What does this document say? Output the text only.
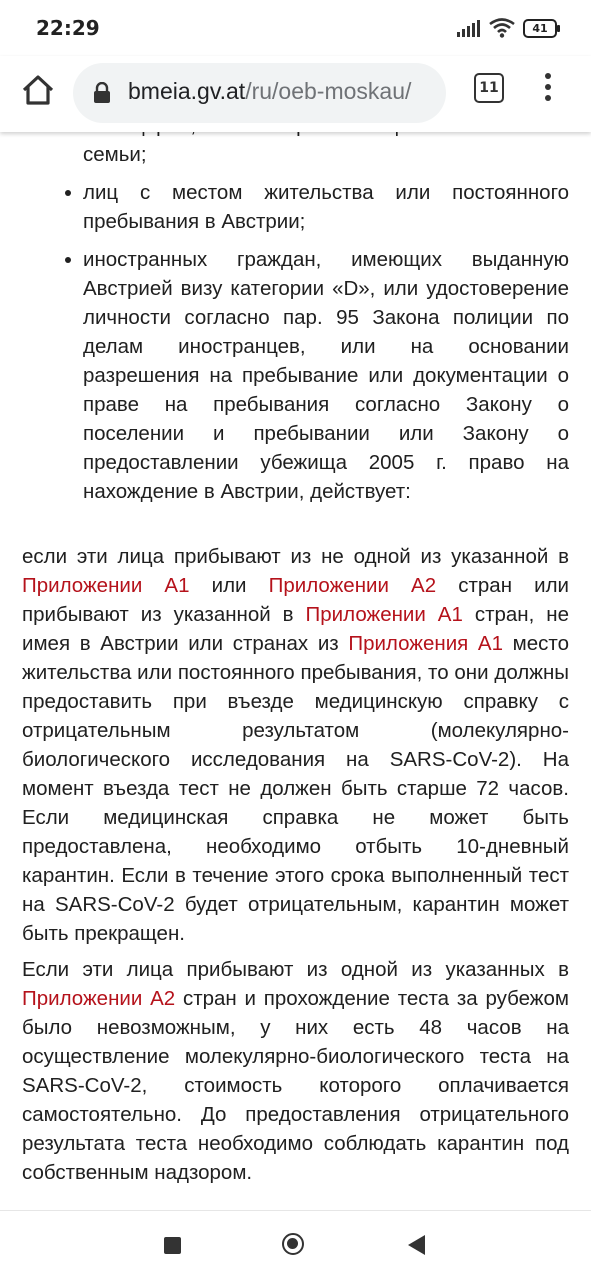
семьи;
лиц с местом жительства или постоянного пребывания в Австрии;
иностранных граждан, имеющих выданную Австрией визу категории «D», или удостоверение личности согласно пар. 95 Закона полиции по делам иностранцев, или на основании разрешения на пребывание или документации о праве на пребывания согласно Закону о поселении и пребывании или Закону о предоставлении убежища 2005 г. право на нахождение в Австрии, действует:

если эти лица прибывают из не одной из указанной в Приложении А1 или Приложении А2 стран или прибывают из указанной в Приложении А1 стран, не имея в Австрии или странах из Приложения А1 место жительства или постоянного пребывания, то они должны предоставить при въезде медицинскую справку с отрицательным результатом (молекулярно-биологического исследования на SARS-CoV-2). На момент въезда тест не должен быть старше 72 часов. Если медицинская справка не может быть предоставлена, необходимо отбыть 10-дневный карантин. Если в течение этого срока выполненный тест на SARS-CoV-2 будет отрицательным, карантин может быть прекращен.

Если эти лица прибывают из одной из указанных в Приложении А2 стран и прохождение теста за рубежом было невозможным, у них есть 48 часов на осуществление молекулярно-биологического теста на SARS-CoV-2, стоимость которого оплачивается самостоятельно. До предоставления отрицательного результата теста необходимо соблюдать карантин под собственным надзором.

22:29	41
bmeia.gv.at/ru/oeb-moskau/	11
